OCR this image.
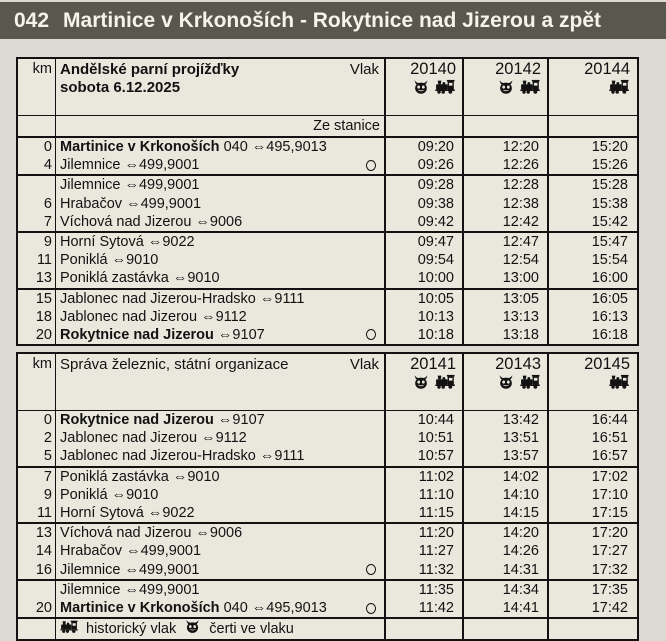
042 Martinice v Krkonoších - Rokytnice nad Jizerou a zpět
km Andělské parní projížďky
sobota 6.12.2025
Vlak 20140 20142	20144
Ze stanice
0 Martinice v Krkonoších 040 ⇔495,9013	09:20	12:20	15:20
4 Jilemnice ⇔499,9001	09:26	12:26	15:26
Jilemnice ⇔499,9001	09:28	12:28	15:28
6 Hrabačov ⇔499,9001	09:38	12:38	15:38
7 Víchová nad Jizerou ⇔9006	09:42	12:42	15:42
9 Horní Sytová ⇔9022	09:47	12:47	15:47
11 Poniklá ⇔9010	09:54	12:54	15:54
13 Poniklá zastávka ⇔9010	10:00	13:00	16:00
15 Jablonec nad Jizerou-Hradsko ⇔9111	10:05	13:05	16:05
18 Jablonec nad Jizerou ⇔9112	10:13	13:13	16:13
20 Rokytnice nad Jizerou ⇔9107	10:18	13:18	16:18
km Správa železnic, státní organizace	Vlak 20141 20143	20145
0 Rokytnice nad Jizerou ⇔9107	10:44	13:42	16:44
2 Jablonec nad Jizerou ⇔9112	10:51	13:51	16:51
5 Jablonec nad Jizerou-Hradsko ⇔9111	10:57	13:57	16:57
7 Poniklá zastávka ⇔9010	11:02	14:02	17:02
9 Poniklá ⇔9010	11:10	14:10	17:10
11 Horní Sytová ⇔9022	11:15	14:15	17:15
13 Víchová nad Jizerou ⇔9006	11:20	14:20	17:20
14 Hrabačov ⇔499,9001	11:27	14:26	17:27
16 Jilemnice ⇔499,9001	11:32	14:31	17:32
Jilemnice ⇔499,9001	11:35	14:34	17:35
20 Martinice v Krkonoších 040 ⇔495,9013	11:42	14:41	17:42
historický vlak čerti ve vlaku
